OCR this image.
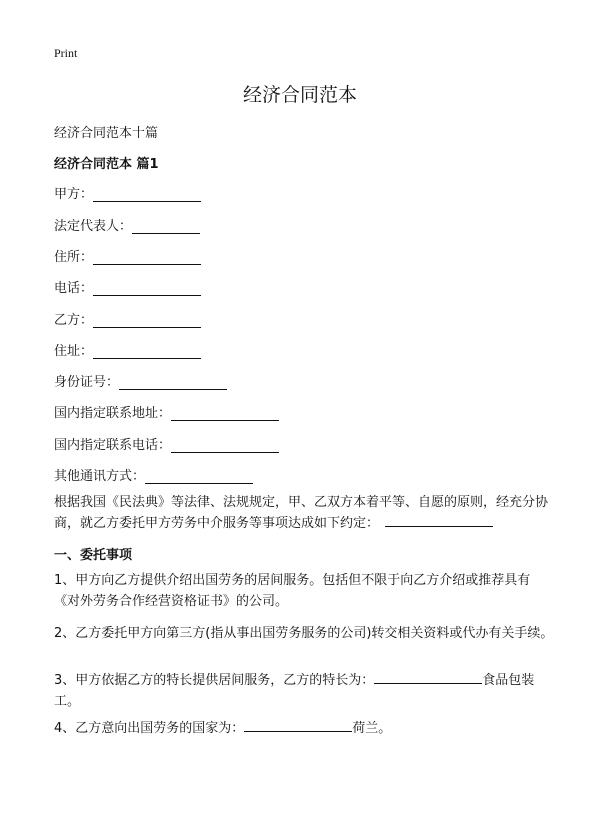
Print
经济合同范本
经济合同范本十篇
经济合同范本 篇1
甲方：
法定代表人：
住所：
电话：
乙方：
住址：
身份证号：
国内指定联系地址：
国内指定联系电话：
其他通讯方式：
根据我国《民法典》等法律、法规规定，甲、乙双方本着平等、自愿的原则，经充分协商，就乙方委托甲方劳务中介服务等事项达成如下约定：
一、委托事项
1、甲方向乙方提供介绍出国劳务的居间服务。包括但不限于向乙方介绍或推荐具有《对外劳务合作经营资格证书》的公司。
2、乙方委托甲方向第三方(指从事出国劳务服务的公司)转交相关资料或代办有关手续。
3、甲方依据乙方的特长提供居间服务，乙方的特长为：	食品包装工。
4、乙方意向出国劳务的国家为：	荷兰。
